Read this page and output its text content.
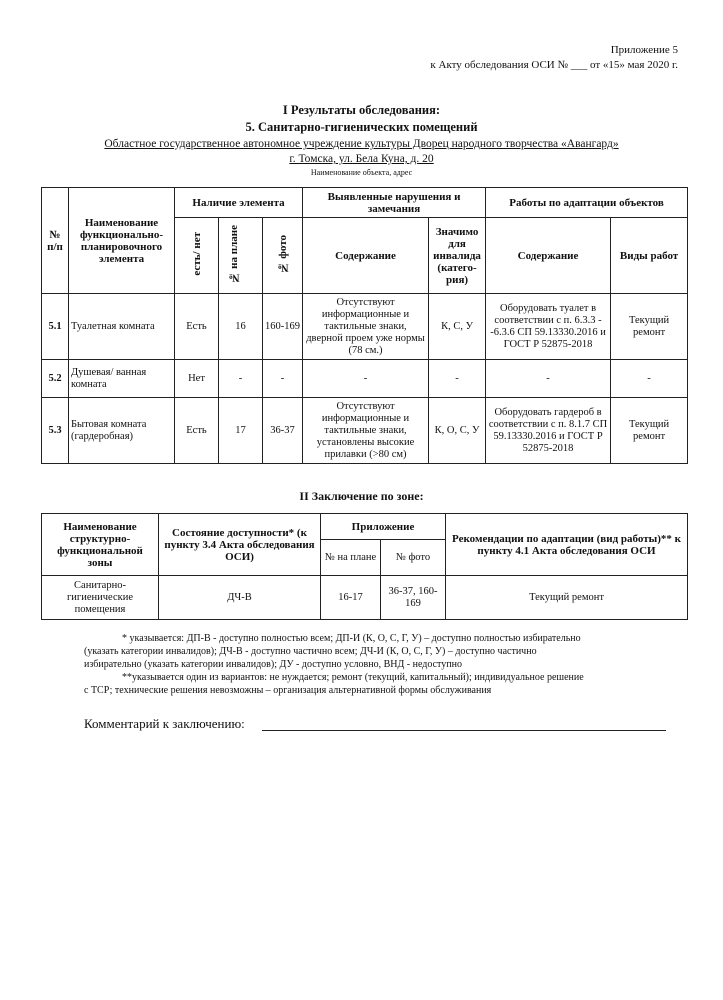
Приложение 5
к Акту обследования ОСИ № ___ от «15» мая 2020 г.
I Результаты обследования:
5. Санитарно-гигиенических помещений
Областное государственное автономное учреждение культуры Дворец народного творчества «Авангард»
г. Томска, ул. Бела Куна, д. 20
Наименование объекта, адрес
№ п/п	Наименование функционально-планировочного элемента	Наличие элемента			Выявленные нарушения и замечания		Работы по адаптации объектов	
		есть/ нет	№ на плане	№ фото	Содержание	Значимо для инвалида (катего-рия)	Содержание	Виды работ
5.1	Туалетная комната	Есть	16	160-169	Отсутствуют информационные и тактильные знаки, дверной проем уже нормы (78 см.)	К, С, У	Оборудовать туалет в соответствии с п. 6.3.3 - -6.3.6 СП 59.13330.2016 и ГОСТ Р 52875-2018	Текущий ремонт
5.2	Душевая/ ванная комната	Нет	-	-	-	-	-	-
5.3	Бытовая комната (гардеробная)	Есть	17	36-37	Отсутствуют информационные и тактильные знаки, установлены высокие прилавки (>80 см)	К, О, С, У	Оборудовать гардероб в соответствии с п. 8.1.7 СП 59.13330.2016 и ГОСТ Р 52875-2018	Текущий ремонт
II Заключение по зоне:
Наименование структурно-функциональной зоны	Состояние доступности* (к пункту 3.4 Акта обследования ОСИ)	Приложение		Рекомендации по адаптации (вид работы)** к пункту 4.1 Акта обследования ОСИ
		№ на плане	№ фото	
Санитарно-гигиенические помещения	ДЧ-В	16-17	36-37, 160-169	Текущий ремонт
* указывается: ДП-В - доступно полностью всем; ДП-И (К, О, С, Г, У) – доступно полностью избирательно
(указать категории инвалидов); ДЧ-В - доступно частично всем; ДЧ-И (К, О, С, Г, У) – доступно частично
избирательно (указать категории инвалидов); ДУ - доступно условно, ВНД - недоступно
**указывается один из вариантов: не нуждается; ремонт (текущий, капитальный); индивидуальное решение
с ТСР; технические решения невозможны – организация альтернативной формы обслуживания
Комментарий к заключению:
